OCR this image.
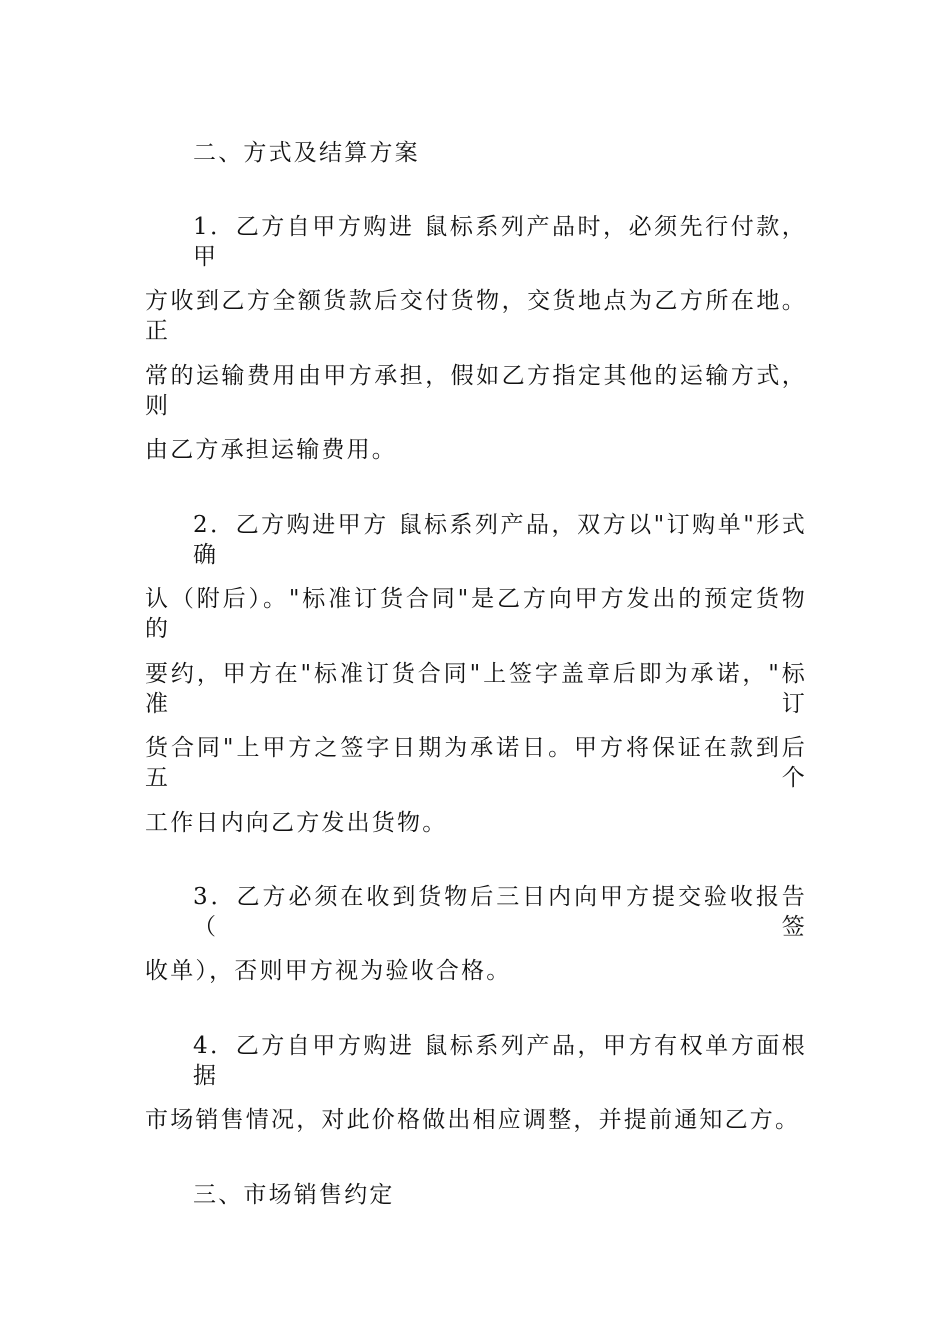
二、方式及结算方案
1．乙方自甲方购进 鼠标系列产品时，必须先行付款，甲
方收到乙方全额货款后交付货物，交货地点为乙方所在地。正
常的运输费用由甲方承担，假如乙方指定其他的运输方式，则
由乙方承担运输费用。
2．乙方购进甲方 鼠标系列产品，双方以"订购单"形式确
认（附后）。"标准订货合同"是乙方向甲方发出的预定货物的
要约，甲方在"标准订货合同"上签字盖章后即为承诺，"标准订
货合同"上甲方之签字日期为承诺日。甲方将保证在款到后五个
工作日内向乙方发出货物。
3．乙方必须在收到货物后三日内向甲方提交验收报告（签
收单），否则甲方视为验收合格。
4．乙方自甲方购进 鼠标系列产品，甲方有权单方面根据
市场销售情况，对此价格做出相应调整，并提前通知乙方。
三、市场销售约定
